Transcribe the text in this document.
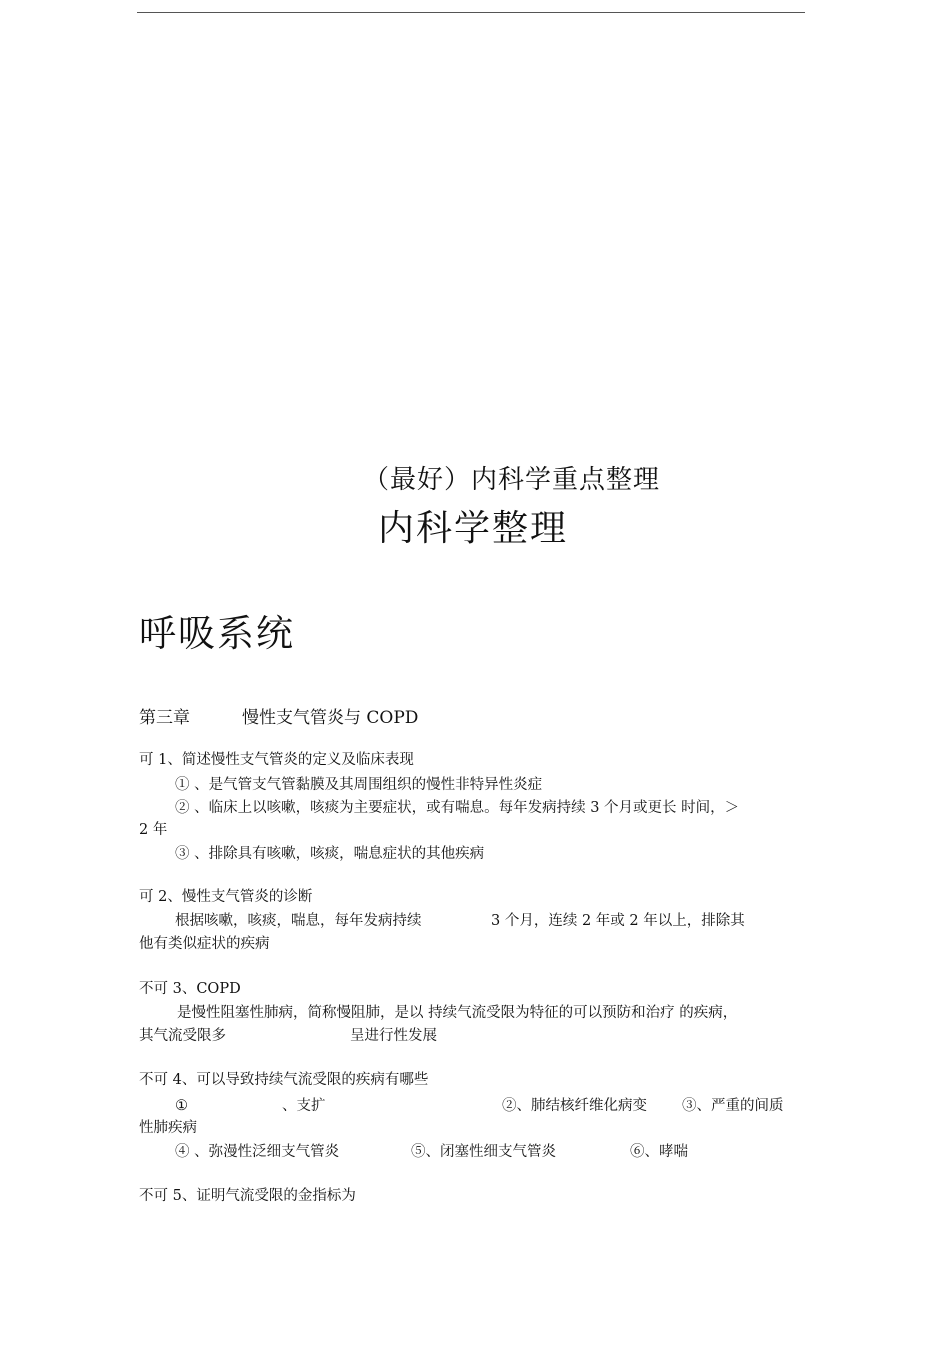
（最好）内科学重点整理
内科学整理
呼吸系统
第三章	慢性支气管炎与 COPD
可 1、简述慢性支气管炎的定义及临床表现
① 、是气管支气管黏膜及其周围组织的慢性非特异性炎症
② 、临床上以咳嗽，咳痰为主要症状，或有喘息。每年发病持续 3 个月或更长 时间，＞
2 年
③ 、排除具有咳嗽，咳痰，喘息症状的其他疾病
可 2、慢性支气管炎的诊断
根据咳嗽，咳痰，喘息，每年发病持续	3 个月，连续 2 年或 2 年以上，排除其
他有类似症状的疾病
不可 3、COPD
是慢性阻塞性肺病，简称慢阻肺，是以 持续气流受限为特征的可以预防和治疗 的疾病，
其气流受限多	呈进行性发展
不可 4、可以导致持续气流受限的疾病有哪些
①	、支扩	②、肺结核纤维化病变 ③、严重的间质
性肺疾病
④ 、弥漫性泛细支气管炎	⑤、闭塞性细支气管炎	⑥、哮喘
不可 5、证明气流受限的金指标为
